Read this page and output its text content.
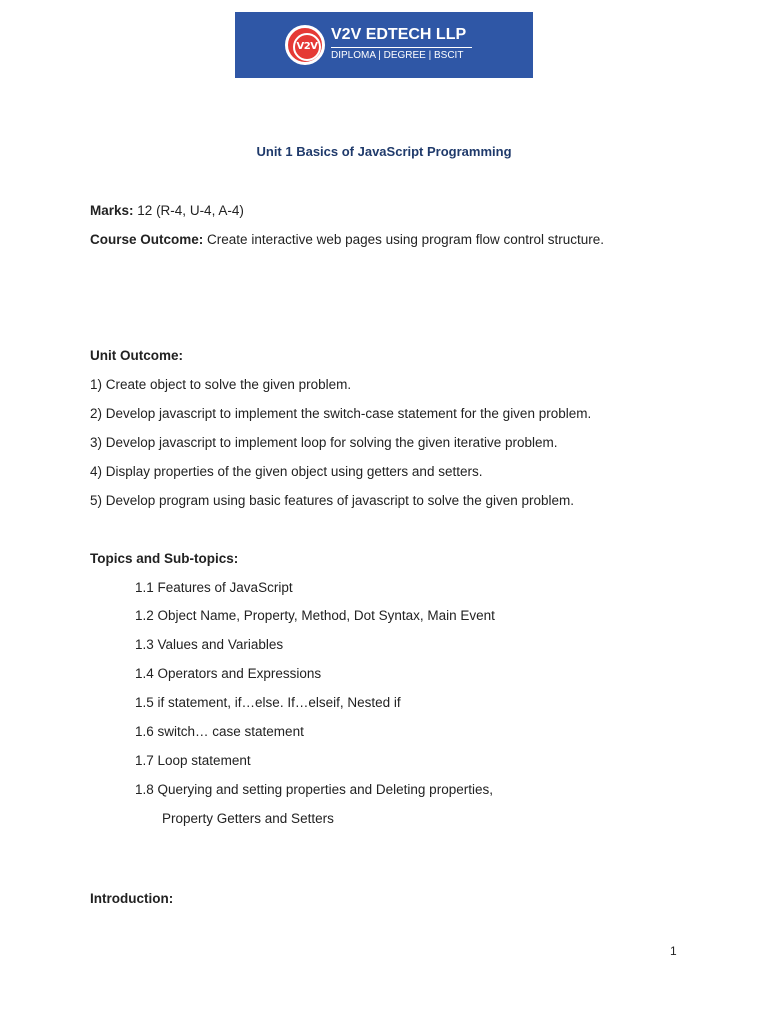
V2V
V2V EDTECH LLP
DIPLOMA | DEGREE | BSCIT
Unit 1 Basics of JavaScript Programming
Marks: 12 (R-4, U-4, A-4)
Course Outcome: Create interactive web pages using program flow control structure.
Unit Outcome:
1) Create object to solve the given problem.
2) Develop javascript to implement the switch-case statement for the given problem.
3) Develop javascript to implement loop for solving the given iterative problem.
4) Display properties of the given object using getters and setters.
5) Develop program using basic features of javascript to solve the given problem.
Topics and Sub-topics:
1.1 Features of JavaScript
1.2 Object Name, Property, Method, Dot Syntax, Main Event
1.3 Values and Variables
1.4 Operators and Expressions
1.5 if statement, if…else. If…elseif, Nested if
1.6 switch… case statement
1.7 Loop statement
1.8 Querying and setting properties and Deleting properties,
Property Getters and Setters
Introduction:
1
